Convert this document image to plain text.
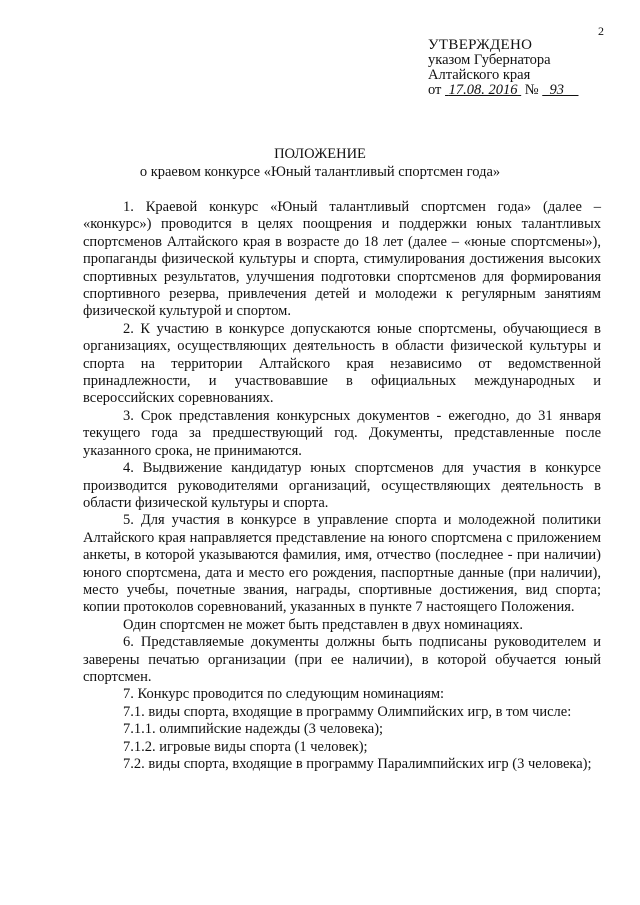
2
УТВЕРЖДЕНО
указом Губернатора
Алтайского края
от 17.08. 2016 № 93
ПОЛОЖЕНИЕ
о краевом конкурсе «Юный талантливый спортсмен года»

1. Краевой конкурс «Юный талантливый спортсмен года» (далее – «конкурс») проводится в целях поощрения и поддержки юных талантливых спортсменов Алтайского края в возрасте до 18 лет (далее – «юные спортсмены»), пропаганды физической культуры и спорта, стимулирования достижения высоких спортивных результатов, улучшения подготовки спортсменов для формирования спортивного резерва, привлечения детей и молодежи к регулярным занятиям физической культурой и спортом.

2. К участию в конкурсе допускаются юные спортсмены, обучающиеся в организациях, осуществляющих деятельность в области физической культуры и спорта на территории Алтайского края независимо от ведомственной принадлежности, и участвовавшие в официальных международных и всероссийских соревнованиях.

3. Срок представления конкурсных документов - ежегодно, до 31 января текущего года за предшествующий год. Документы, представленные после указанного срока, не принимаются.

4. Выдвижение кандидатур юных спортсменов для участия в конкурсе производится руководителями организаций, осуществляющих деятельность в области физической культуры и спорта.

5. Для участия в конкурсе в управление спорта и молодежной политики Алтайского края направляется представление на юного спортсмена с приложением анкеты, в которой указываются фамилия, имя, отчество (последнее - при наличии) юного спортсмена, дата и место его рождения, паспортные данные (при наличии), место учебы, почетные звания, награды, спортивные достижения, вид спорта; копии протоколов соревнований, указанных в пункте 7 настоящего Положения.

Один спортсмен не может быть представлен в двух номинациях.

6. Представляемые документы должны быть подписаны руководителем и заверены печатью организации (при ее наличии), в которой обучается юный спортсмен.

7. Конкурс проводится по следующим номинациям:

7.1. виды спорта, входящие в программу Олимпийских игр, в том числе:

7.1.1. олимпийские надежды (3 человека);

7.1.2. игровые виды спорта (1 человек);

7.2. виды спорта, входящие в программу Паралимпийских игр (3 человека);
